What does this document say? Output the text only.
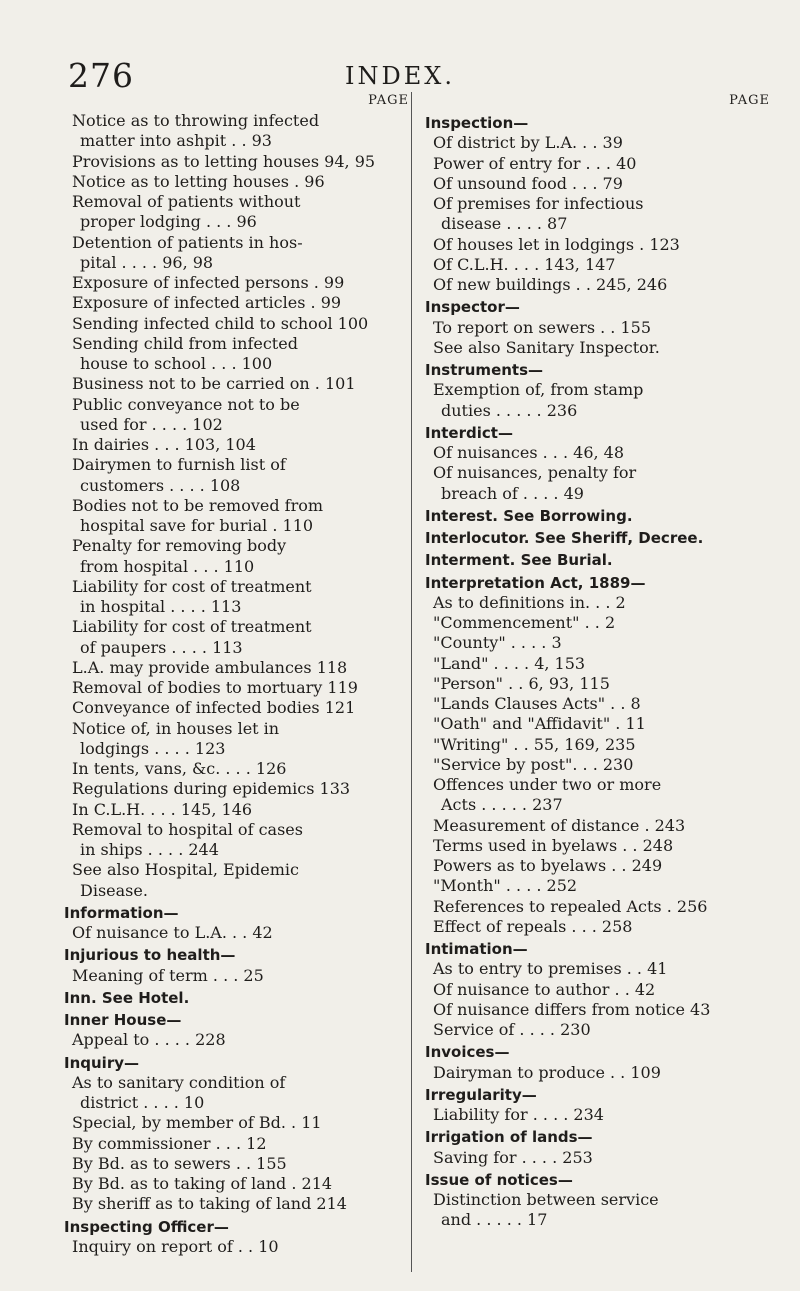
276	INDEX.
PAGE
Notice as to throwing infected
matter into ashpit . . 93
Provisions as to letting houses 94, 95
Notice as to letting houses . 96
Removal of patients without
proper lodging . . . 96
Detention of patients in hos-
pital . . . . 96, 98
Exposure of infected persons . 99
Exposure of infected articles . 99
Sending infected child to school 100
Sending child from infected
house to school . . . 100
Business not to be carried on . 101
Public conveyance not to be
used for . . . . 102
In dairies . . . 103, 104
Dairymen to furnish list of
customers . . . . 108
Bodies not to be removed from
hospital save for burial . 110
Penalty for removing body
from hospital . . . 110
Liability for cost of treatment
in hospital . . . . 113
Liability for cost of treatment
of paupers . . . . 113
L.A. may provide ambulances 118
Removal of bodies to mortuary 119
Conveyance of infected bodies 121
Notice of, in houses let in
lodgings . . . . 123
In tents, vans, &c. . . . 126
Regulations during epidemics 133
In C.L.H. . . . 145, 146
Removal to hospital of cases
in ships . . . . 244
See also Hospital, Epidemic
Disease.
Information—
Of nuisance to L.A. . . 42
Injurious to health—
Meaning of term . . . 25
Inn. See Hotel.
Inner House—
Appeal to . . . . 228
Inquiry—
As to sanitary condition of
district . . . . 10
Special, by member of Bd. . 11
By commissioner . . . 12
By Bd. as to sewers . . 155
By Bd. as to taking of land . 214
By sheriff as to taking of land 214
Inspecting Officer—
Inquiry on report of . . 10
PAGE
Inspection—
Of district by L.A. . . 39
Power of entry for . . . 40
Of unsound food . . . 79
Of premises for infectious
disease . . . . 87
Of houses let in lodgings . 123
Of C.L.H. . . . 143, 147
Of new buildings . . 245, 246
Inspector—
To report on sewers . . 155
See also Sanitary Inspector.
Instruments—
Exemption of, from stamp
duties . . . . . 236
Interdict—
Of nuisances . . . 46, 48
Of nuisances, penalty for
breach of . . . . 49
Interest. See Borrowing.
Interlocutor. See Sheriff, Decree.
Interment. See Burial.
Interpretation Act, 1889—
As to definitions in. . . 2
"Commencement" . . 2
"County" . . . . 3
"Land" . . . . 4, 153
"Person" . . 6, 93, 115
"Lands Clauses Acts" . . 8
"Oath" and "Affidavit" . 11
"Writing" . . 55, 169, 235
"Service by post". . . 230
Offences under two or more
Acts . . . . . 237
Measurement of distance . 243
Terms used in byelaws . . 248
Powers as to byelaws . . 249
"Month" . . . . 252
References to repealed Acts . 256
Effect of repeals . . . 258
Intimation—
As to entry to premises . . 41
Of nuisance to author . . 42
Of nuisance differs from notice 43
Service of . . . . 230
Invoices—
Dairyman to produce . . 109
Irregularity—
Liability for . . . . 234
Irrigation of lands—
Saving for . . . . 253
Issue of notices—
Distinction between service
and . . . . . 17
